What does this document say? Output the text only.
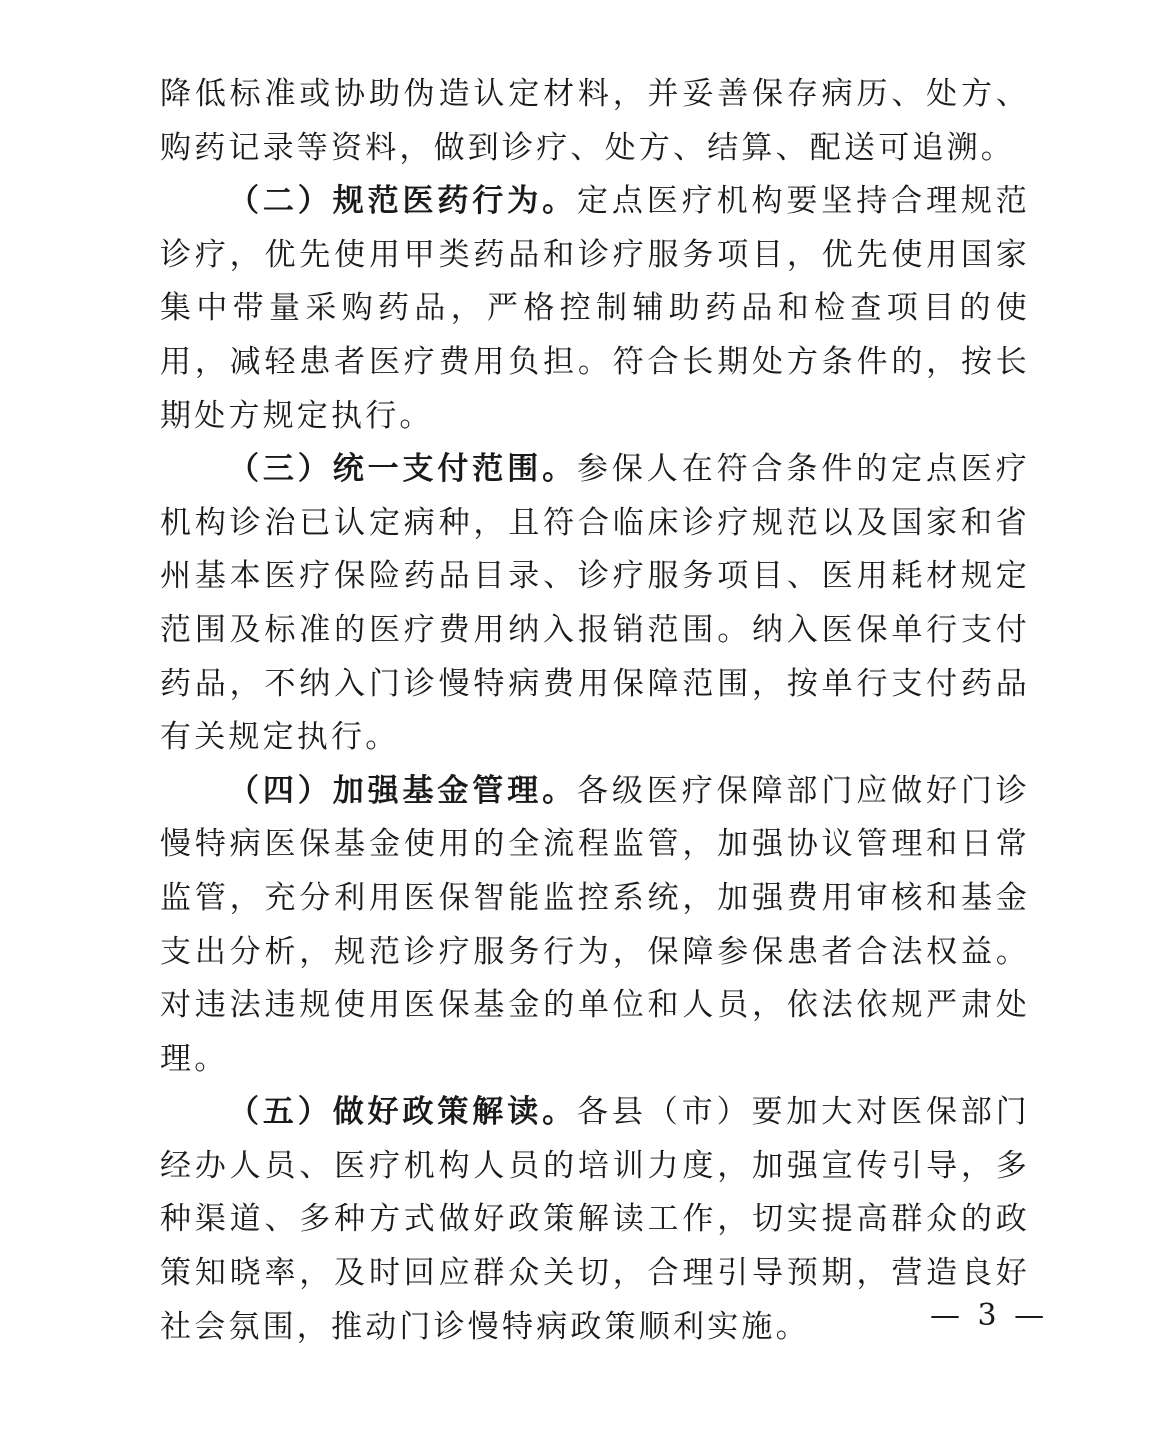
降低标准或协助伪造认定材料，并妥善保存病历、处方、购药记录等资料，做到诊疗、处方、结算、配送可追溯。

（二）规范医药行为。定点医疗机构要坚持合理规范诊疗，优先使用甲类药品和诊疗服务项目，优先使用国家集中带量采购药品，严格控制辅助药品和检查项目的使用，减轻患者医疗费用负担。符合长期处方条件的，按长期处方规定执行。

（三）统一支付范围。参保人在符合条件的定点医疗机构诊治已认定病种，且符合临床诊疗规范以及国家和省州基本医疗保险药品目录、诊疗服务项目、医用耗材规定范围及标准的医疗费用纳入报销范围。纳入医保单行支付药品，不纳入门诊慢特病费用保障范围，按单行支付药品有关规定执行。

（四）加强基金管理。各级医疗保障部门应做好门诊慢特病医保基金使用的全流程监管，加强协议管理和日常监管，充分利用医保智能监控系统，加强费用审核和基金支出分析，规范诊疗服务行为，保障参保患者合法权益。对违法违规使用医保基金的单位和人员，依法依规严肃处理。

（五）做好政策解读。各县（市）要加大对医保部门经办人员、医疗机构人员的培训力度，加强宣传引导，多种渠道、多种方式做好政策解读工作，切实提高群众的政策知晓率，及时回应群众关切，合理引导预期，营造良好社会氛围，推动门诊慢特病政策顺利实施。	— 3 —
